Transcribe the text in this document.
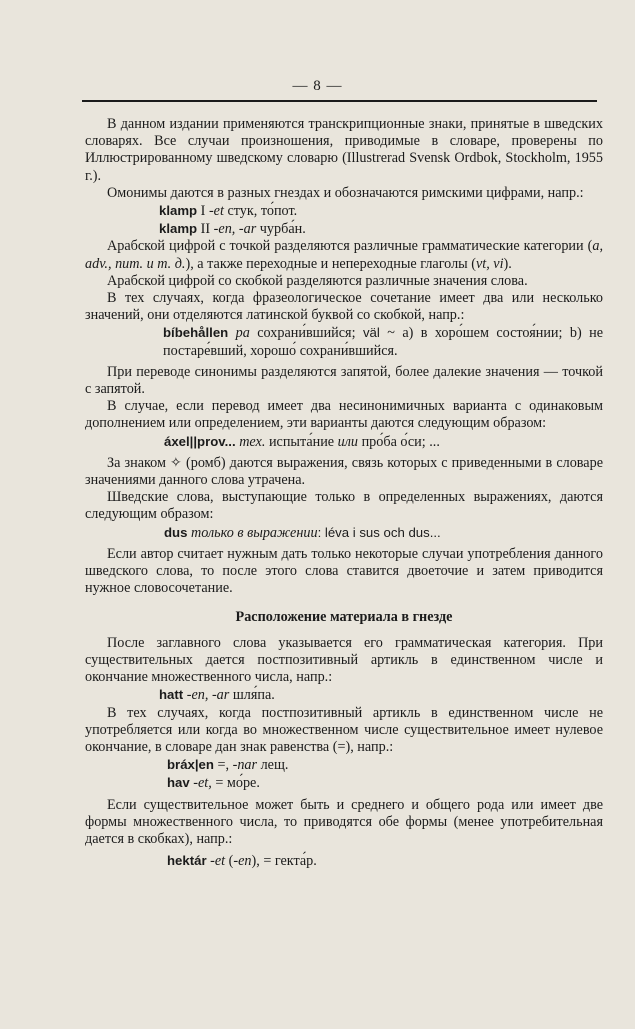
— 8 —

В данном издании применяются транскрипционные знаки, принятые в шведских словарях. Все случаи произношения, приводимые в словаре, проверены по Иллюстрированному шведскому словарю (Illustrerad Svensk Ordbok, Stockholm, 1955 г.).

Омонимы даются в разных гнездах и обозначаются римскими цифрами, напр.:

klamp I -et стук, то́пот.
klamp II -en, -ar чурба́н.

Арабской цифрой с точкой разделяются различные грамматические категории (a, adv., num. и т. д.), а также переходные и непереходные глаголы (vt, vi).

Арабской цифрой со скобкой разделяются различные значения слова.

В тех случаях, когда фразеологическое сочетание имеет два или несколько значений, они отделяются латинской буквой со скобкой, напр.:

bíbehållen pa сохрани́вшийся; väl ~ a) в хоро́шем состоя́нии; b) не постаре́вший, хорошо́ сохрани́вшийся.

При переводе синонимы разделяются запятой, более далекие значения — точкой с запятой.

В случае, если перевод имеет два несинонимичных варианта с одинаковым дополнением или определением, эти варианты даются следующим образом:

áxel||prov... тех. испыта́ние или про́ба о́си; ...

За знаком ✧ (ромб) даются выражения, связь которых с приведенными в словаре значениями данного слова утрачена.

Шведские слова, выступающие только в определенных выражениях, даются следующим образом:

dus только в выражении: léva i sus och dus...

Если автор считает нужным дать только некоторые случаи употребления данного шведского слова, то после этого слова ставится двоеточие и затем приводится нужное словосочетание.

Расположение материала в гнезде

После заглавного слова указывается его грамматическая категория. При существительных дается постпозитивный артикль в единственном числе и окончание множественного числа, напр.:

hatt -en, -ar шля́па.

В тех случаях, когда постпозитивный артикль в единственном числе не употребляется или когда во множественном числе существительное имеет нулевое окончание, в словаре дан знак равенства (=), напр.:

bráx|en =, -nar лещ.
hav -et, = мо́ре.

Если существительное может быть и среднего и общего рода или имеет две формы множественного числа, то приводятся обе формы (менее употребительная дается в скобках), напр.:

hektár -et (-en), = гекта́р.
